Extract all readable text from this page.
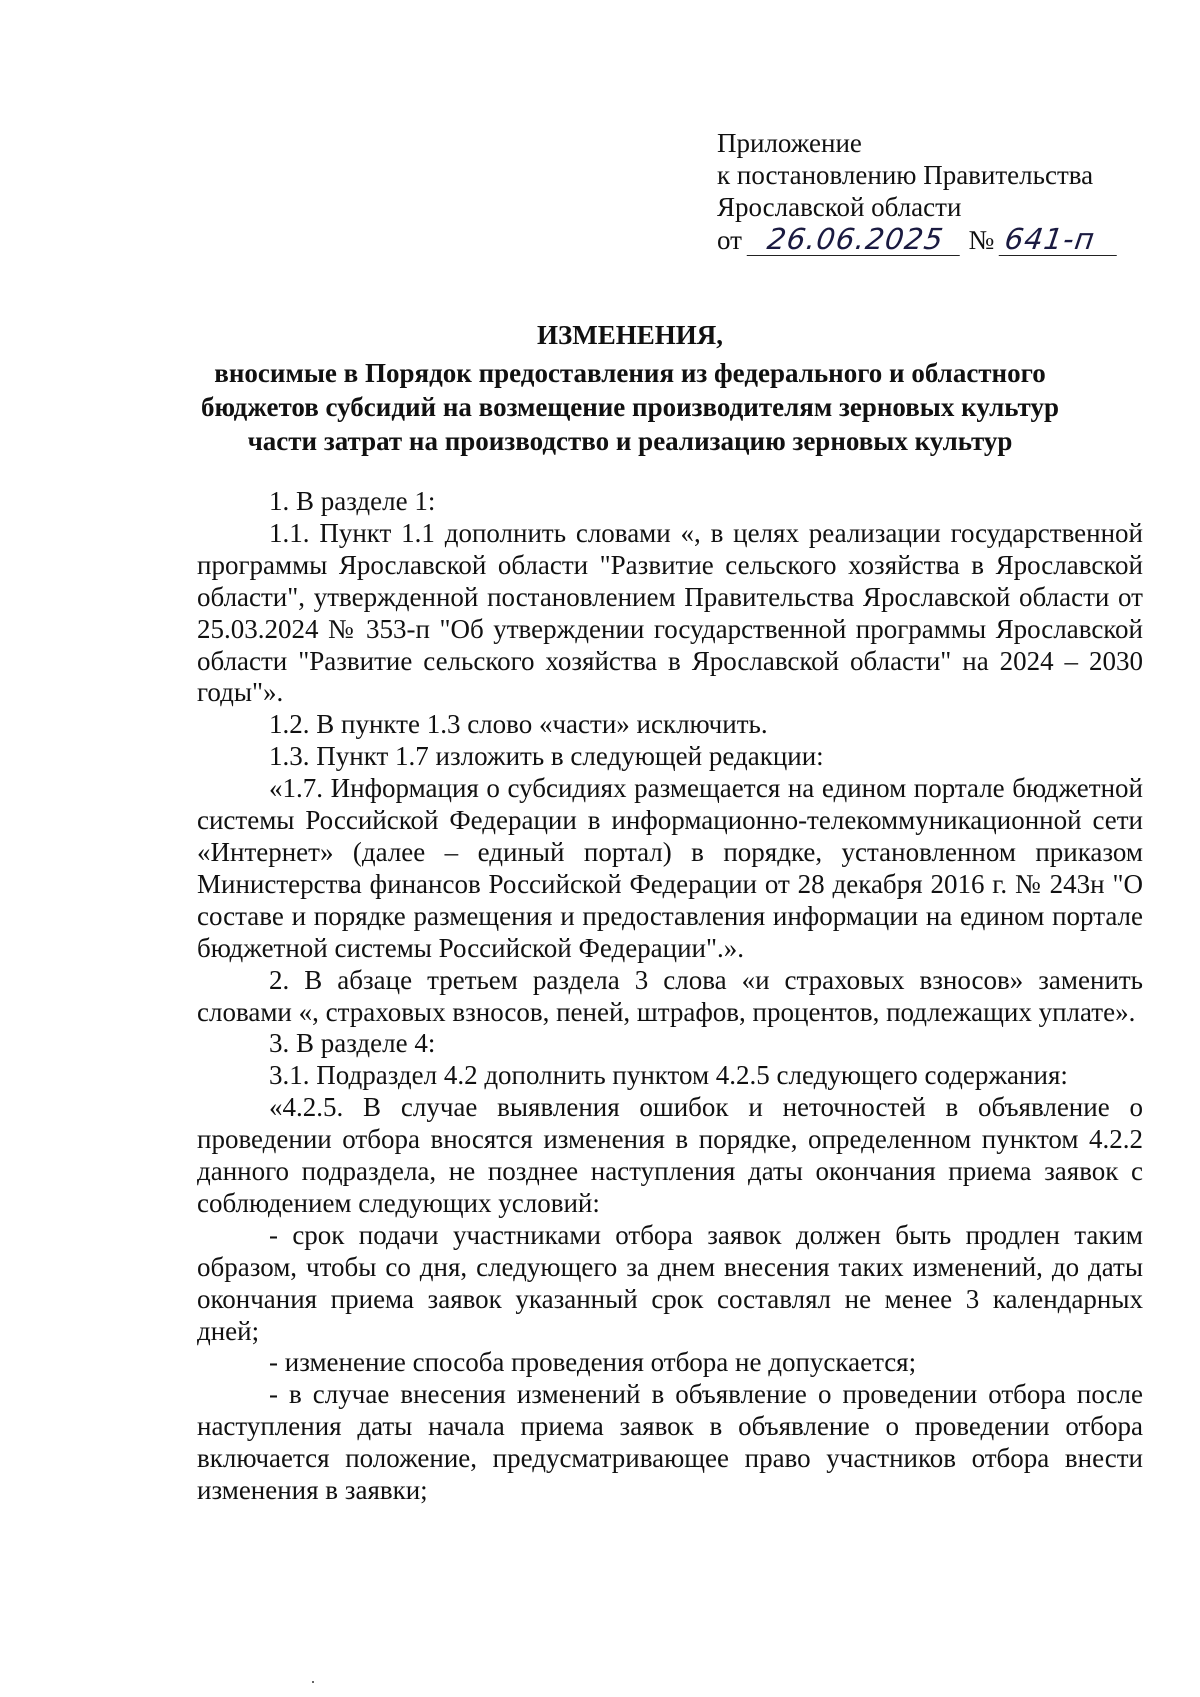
Приложение
к постановлению Правительства
Ярославской области
от 26.06.2025 № 641-п
ИЗМЕНЕНИЯ,
вносимые в Порядок предоставления из федерального и областного бюджетов субсидий на возмещение производителям зерновых культур части затрат на производство и реализацию зерновых культур

1. В разделе 1:

1.1. Пункт 1.1 дополнить словами «, в целях реализации государственной программы Ярославской области "Развитие сельского хозяйства в Ярославской области", утвержденной постановлением Правительства Ярославской области от 25.03.2024 № 353-п "Об утверждении государственной программы Ярославской области "Развитие сельского хозяйства в Ярославской области" на 2024 – 2030 годы"».

1.2. В пункте 1.3 слово «части» исключить.

1.3. Пункт 1.7 изложить в следующей редакции:

«1.7. Информация о субсидиях размещается на едином портале бюджетной системы Российской Федерации в информационно-телекоммуникационной сети «Интернет» (далее – единый портал) в порядке, установленном приказом Министерства финансов Российской Федерации от 28 декабря 2016 г. № 243н "О составе и порядке размещения и предоставления информации на едином портале бюджетной системы Российской Федерации".».

2. В абзаце третьем раздела 3 слова «и страховых взносов» заменить словами «, страховых взносов, пеней, штрафов, процентов, подлежащих уплате».

3. В разделе 4:

3.1. Подраздел 4.2 дополнить пунктом 4.2.5 следующего содержания:

«4.2.5. В случае выявления ошибок и неточностей в объявление о проведении отбора вносятся изменения в порядке, определенном пунктом 4.2.2 данного подраздела, не позднее наступления даты окончания приема заявок с соблюдением следующих условий:

- срок подачи участниками отбора заявок должен быть продлен таким образом, чтобы со дня, следующего за днем внесения таких изменений, до даты окончания приема заявок указанный срок составлял не менее 3 календарных дней;

- изменение способа проведения отбора не допускается;

- в случае внесения изменений в объявление о проведении отбора после наступления даты начала приема заявок в объявление о проведении отбора включается положение, предусматривающее право участников отбора внести изменения в заявки;
